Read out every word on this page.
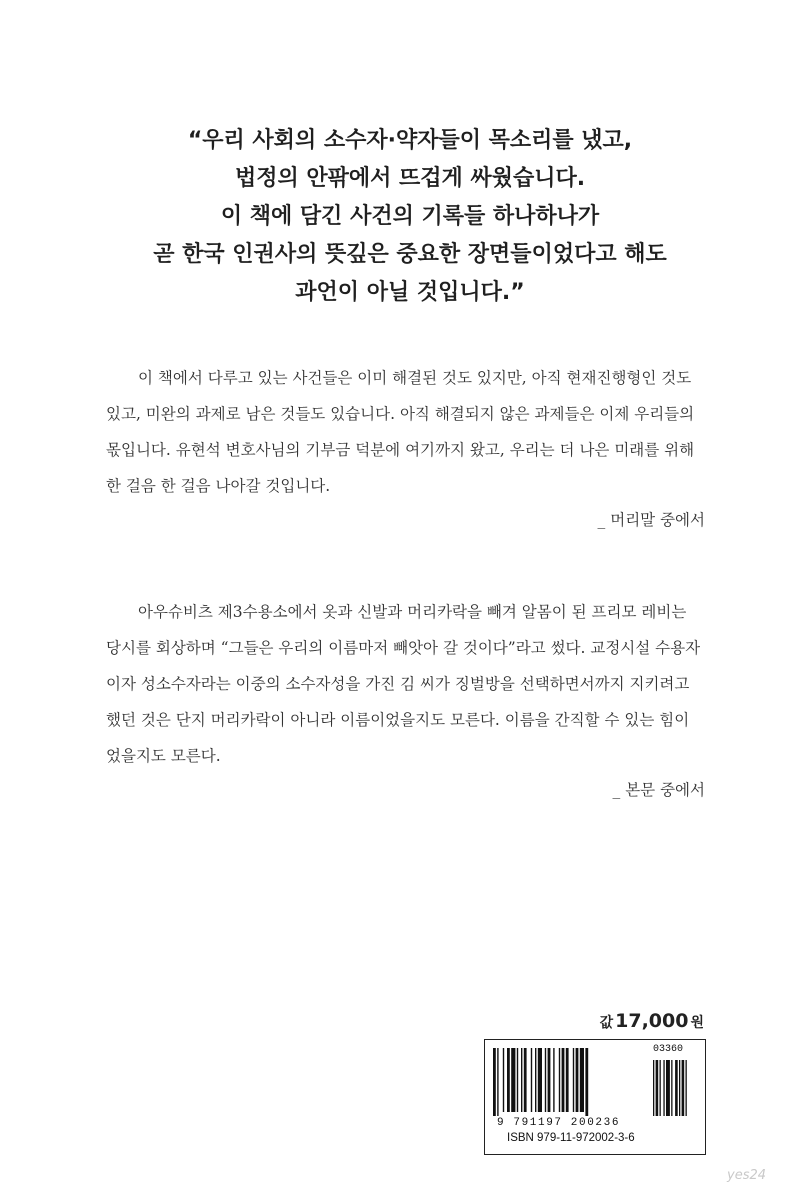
“우리 사회의 소수자·약자들이 목소리를 냈고,
법정의 안팎에서 뜨겁게 싸웠습니다.
이 책에 담긴 사건의 기록들 하나하나가
곧 한국 인권사의 뜻깊은 중요한 장면들이었다고 해도
과언이 아닐 것입니다.”
이 책에서 다루고 있는 사건들은 이미 해결된 것도 있지만, 아직 현재진행형인 것도
있고, 미완의 과제로 남은 것들도 있습니다. 아직 해결되지 않은 과제들은 이제 우리들의
몫입니다. 유현석 변호사님의 기부금 덕분에 여기까지 왔고, 우리는 더 나은 미래를 위해
한 걸음 한 걸음 나아갈 것입니다.
_ 머리말 중에서
아우슈비츠 제3수용소에서 옷과 신발과 머리카락을 빼겨 알몸이 된 프리모 레비는
당시를 회상하며 “그들은 우리의 이름마저 빼앗아 갈 것이다”라고 썼다. 교정시설 수용자
이자 성소수자라는 이중의 소수자성을 가진 김 씨가 징벌방을 선택하면서까지 지키려고
했던 것은 단지 머리카락이 아니라 이름이었을지도 모른다. 이름을 간직할 수 있는 힘이
었을지도 모른다.
_ 본문 중에서
값 17,000 원
03360
9 791197 200236
ISBN 979-11-972002-3-6
yes24
